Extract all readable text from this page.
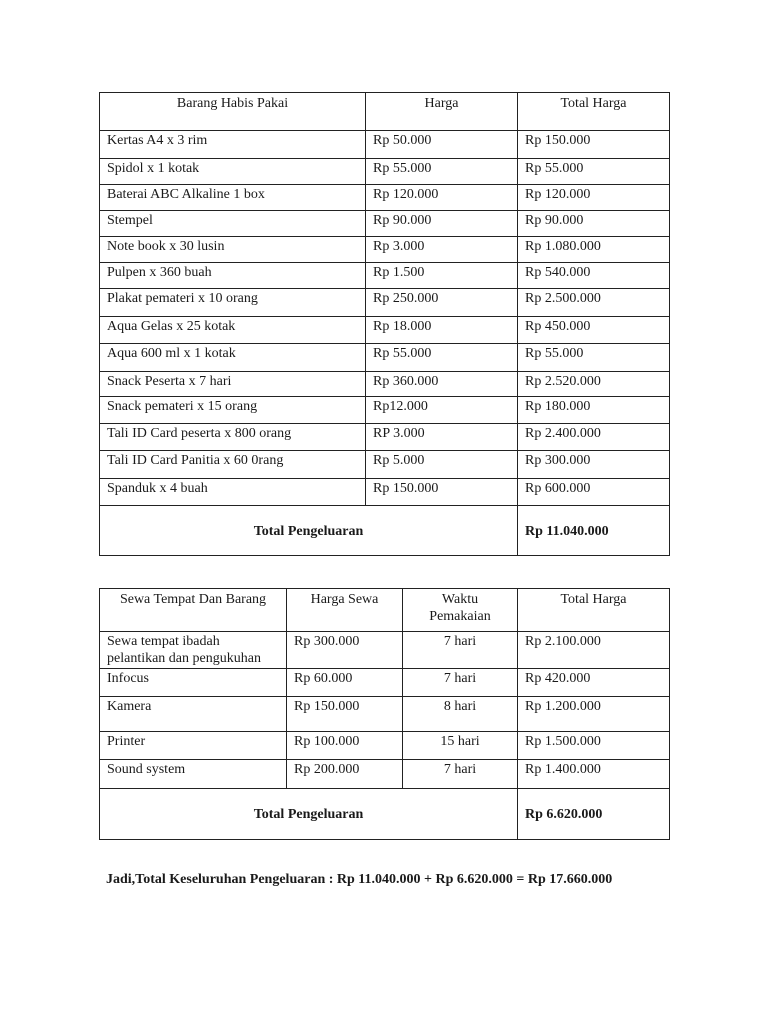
Barang Habis Pakai	Harga	Total Harga
Kertas A4 x 3 rim	Rp 50.000	Rp 150.000
Spidol x 1 kotak	Rp 55.000	Rp 55.000
Baterai ABC Alkaline 1 box	Rp 120.000	Rp 120.000
Stempel	Rp 90.000	Rp 90.000
Note book x 30 lusin	Rp 3.000	Rp 1.080.000
Pulpen x 360 buah	Rp 1.500	Rp 540.000
Plakat pemateri x 10 orang	Rp 250.000	Rp 2.500.000
Aqua Gelas x 25 kotak	Rp 18.000	Rp 450.000
Aqua 600 ml x 1 kotak	Rp 55.000	Rp 55.000
Snack Peserta x 7 hari	Rp 360.000	Rp 2.520.000
Snack pemateri x 15 orang	Rp12.000	Rp 180.000
Tali ID Card peserta x 800 orang	RP 3.000	Rp 2.400.000
Tali ID Card Panitia x 60 0rang	Rp 5.000	Rp 300.000
Spanduk x 4 buah	Rp 150.000	Rp 600.000
Total Pengeluaran		Rp 11.040.000
Sewa Tempat Dan Barang	Harga Sewa	Waktu Pemakaian	Total Harga
Sewa tempat ibadah pelantikan dan pengukuhan	Rp 300.000	7 hari	Rp 2.100.000
Infocus	Rp 60.000	7 hari	Rp 420.000
Kamera	Rp 150.000	8 hari	Rp 1.200.000
Printer	Rp 100.000	15 hari	Rp 1.500.000
Sound system	Rp 200.000	7 hari	Rp 1.400.000
Total Pengeluaran			Rp 6.620.000
Jadi,Total Keseluruhan Pengeluaran : Rp 11.040.000 + Rp 6.620.000 = Rp 17.660.000
